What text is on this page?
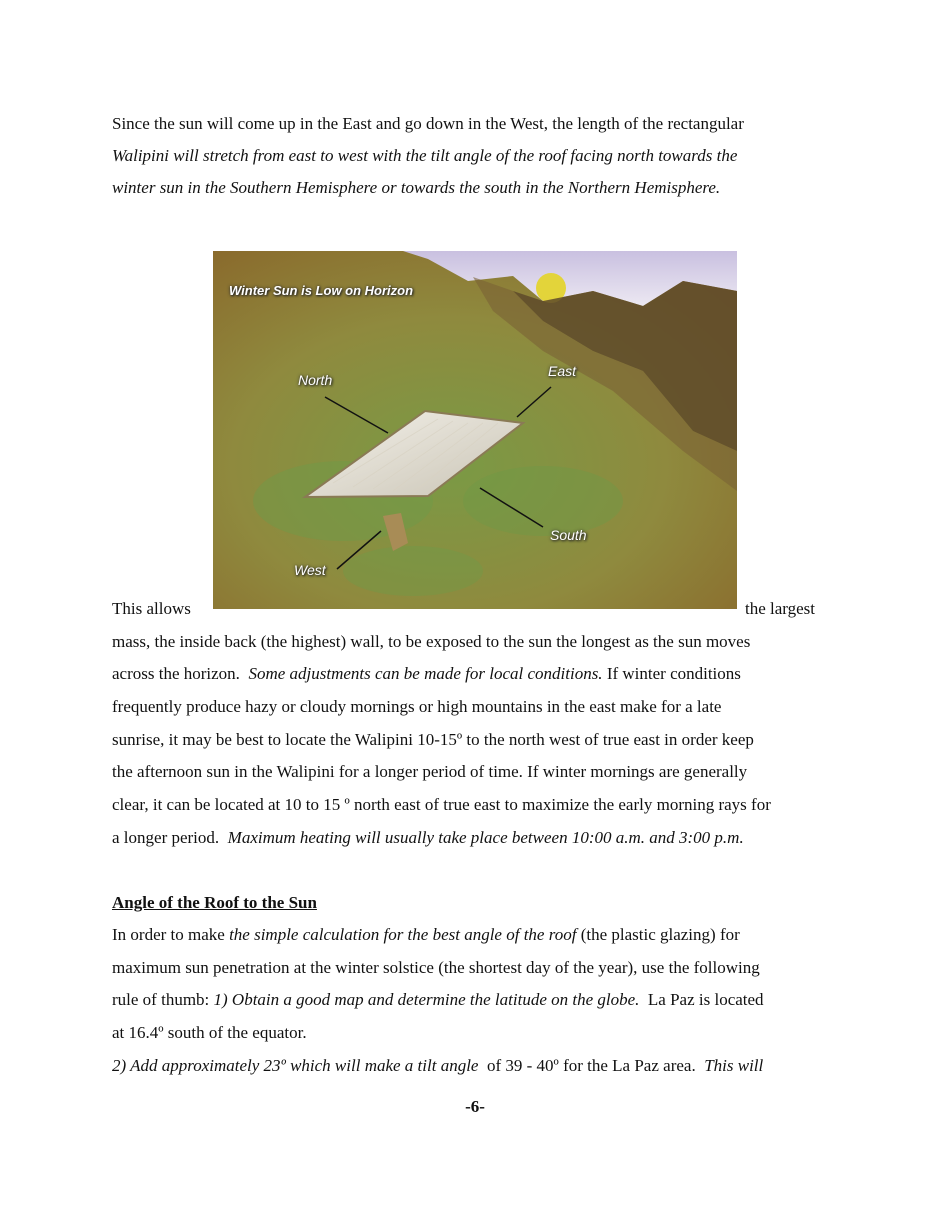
Since the sun will come up in the East and go down in the West, the length of the rectangular
Walipini will stretch from east to west with the tilt angle of the roof facing north towards the
winter sun in the Southern Hemisphere or towards the south in the Northern Hemisphere.
Winter Sun is Low on Horizon
North
East
South
West
This allows	the largest
mass, the inside back (the highest) wall, to be exposed to the sun the longest as the sun moves
across the horizon. Some adjustments can be made for local conditions. If winter conditions
frequently produce hazy or cloudy mornings or high mountains in the east make for a late
sunrise, it may be best to locate the Walipini 10-15º to the north west of true east in order keep
the afternoon sun in the Walipini for a longer period of time. If winter mornings are generally
clear, it can be located at 10 to 15 º north east of true east to maximize the early morning rays for
a longer period. Maximum heating will usually take place between 10:00 a.m. and 3:00 p.m.
Angle of the Roof to the Sun
In order to make the simple calculation for the best angle of the roof (the plastic glazing) for
maximum sun penetration at the winter solstice (the shortest day of the year), use the following
rule of thumb: 1) Obtain a good map and determine the latitude on the globe. La Paz is located
at 16.4º south of the equator.
2) Add approximately 23º which will make a tilt angle of 39 - 40º for the La Paz area. This will
-6-
